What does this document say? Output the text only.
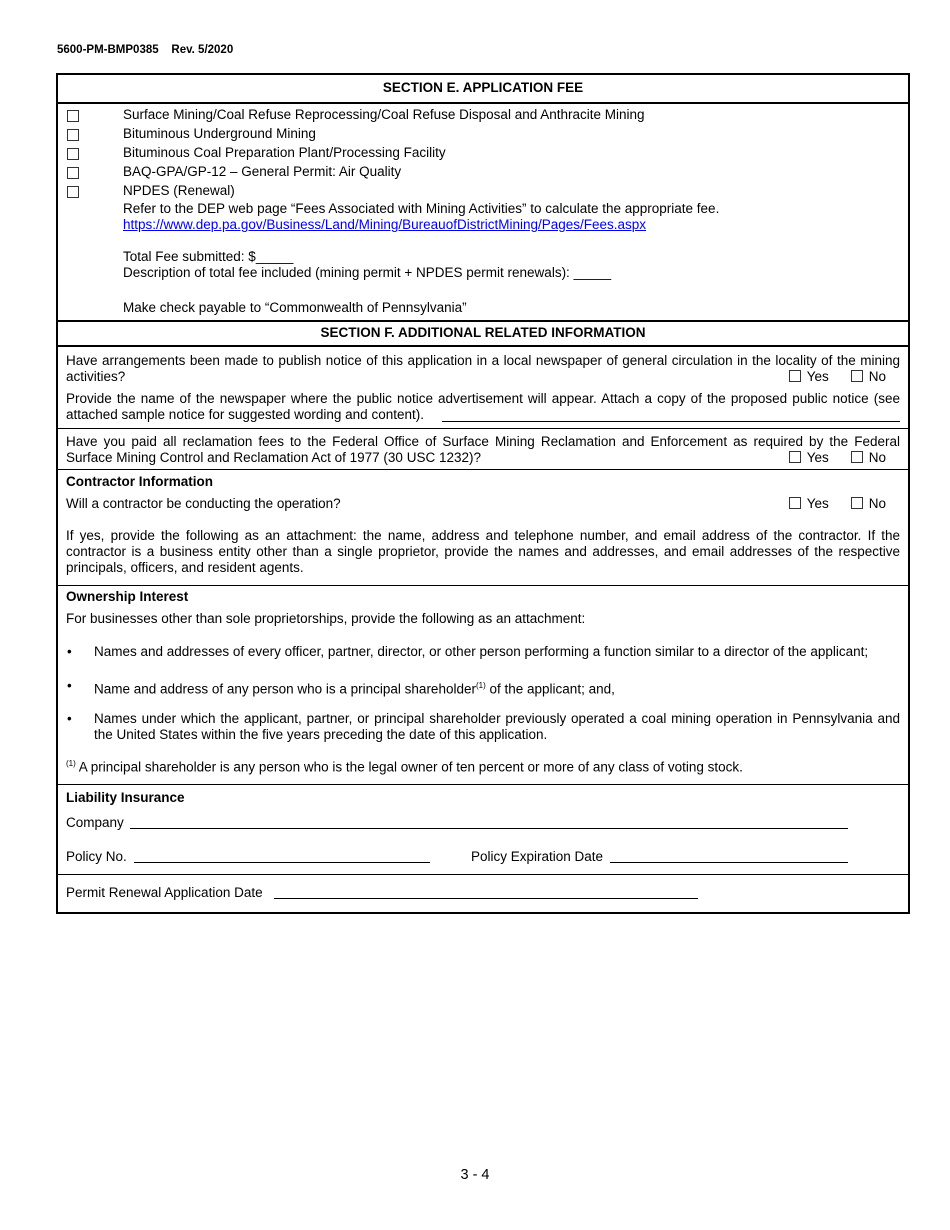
5600-PM-BMP0385    Rev. 5/2020
SECTION E. APPLICATION FEE
Surface Mining/Coal Refuse Reprocessing/Coal Refuse Disposal and Anthracite Mining
Bituminous Underground Mining
Bituminous Coal Preparation Plant/Processing Facility
BAQ-GPA/GP-12 – General Permit: Air Quality
NPDES (Renewal)
Refer to the DEP web page “Fees Associated with Mining Activities” to calculate the appropriate fee.
https://www.dep.pa.gov/Business/Land/Mining/BureauofDistrictMining/Pages/Fees.aspx
Total Fee submitted: $_____
Description of total fee included (mining permit + NPDES permit renewals): _____
Make check payable to “Commonwealth of Pennsylvania”
SECTION F. ADDITIONAL RELATED INFORMATION
Have arrangements been made to publish notice of this application in a local newspaper of general circulation in the locality of the mining activities?	Yes	No
Provide the name of the newspaper where the public notice advertisement will appear. Attach a copy of the proposed public notice (see attached sample notice for suggested wording and content).
Have you paid all reclamation fees to the Federal Office of Surface Mining Reclamation and Enforcement as required by the Federal Surface Mining Control and Reclamation Act of 1977 (30 USC 1232)?	Yes	No
Contractor Information
Will a contractor be conducting the operation?	Yes	No
If yes, provide the following as an attachment: the name, address and telephone number, and email address of the contractor. If the contractor is a business entity other than a single proprietor, provide the names and addresses, and email addresses of the respective principals, officers, and resident agents.
Ownership Interest
For businesses other than sole proprietorships, provide the following as an attachment:
• Names and addresses of every officer, partner, director, or other person performing a function similar to a director of the applicant;
• Name and address of any person who is a principal shareholder$^{(1)}$ of the applicant; and,
• Names under which the applicant, partner, or principal shareholder previously operated a coal mining operation in Pennsylvania and the United States within the five years preceding the date of this application.
$^{(1)}$ A principal shareholder is any person who is the legal owner of ten percent or more of any class of voting stock.
Liability Insurance
Company
Policy No.	Policy Expiration Date
Permit Renewal Application Date
3 - 4
